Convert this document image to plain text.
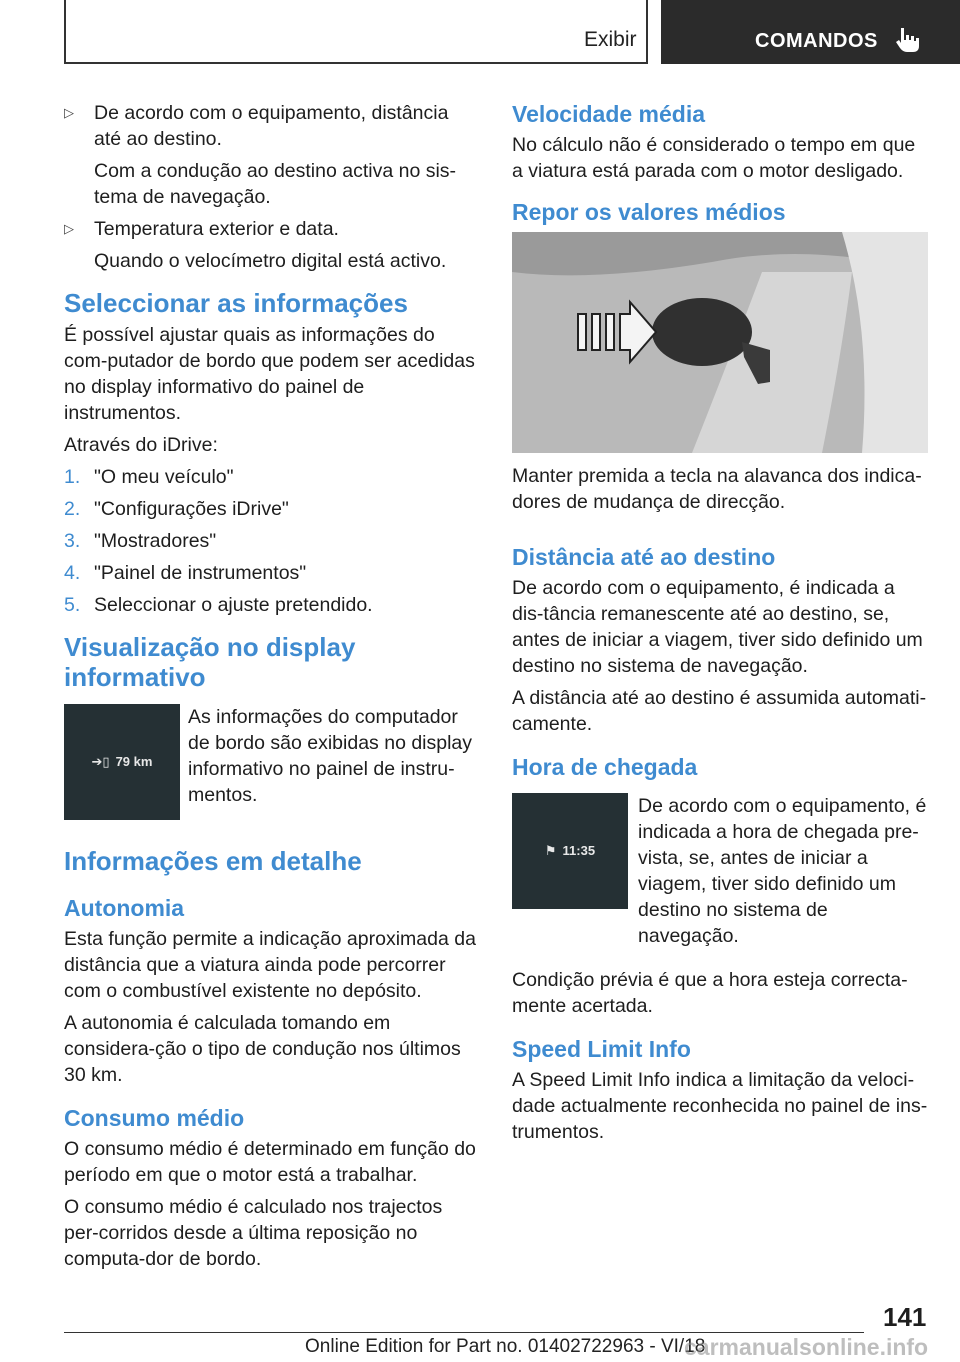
Exibir	COMANDOS
▷ De acordo com o equipamento, distância até ao destino.

Com a condução ao destino activa no sis-tema de navegação.

▷ Temperatura exterior e data.

Quando o velocímetro digital está activo.

Seleccionar as informações

É possível ajustar quais as informações do com-putador de bordo que podem ser acedidas no display informativo do painel de instrumentos.

Através do iDrive:

1. "O meu veículo"
2. "Configurações iDrive"
3. "Mostradores"
4. "Painel de instrumentos"
5. Seleccionar o ajuste pretendido.
Visualização no display informativo
➔▯ 79 km

As informações do computador de bordo são exibidas no display informativo no painel de instru-mentos.

Informações em detalhe
Autonomia

Esta função permite a indicação aproximada da distância que a viatura ainda pode percorrer com o combustível existente no depósito.

A autonomia é calculada tomando em considera-ção o tipo de condução nos últimos 30 km.

Consumo médio

O consumo médio é determinado em função do período em que o motor está a trabalhar.

O consumo médio é calculado nos trajectos per-corridos desde a última reposição no computa-dor de bordo.

Velocidade média

No cálculo não é considerado o tempo em que a viatura está parada com o motor desligado.

Repor os valores médios

Manter premida a tecla na alavanca dos indica-dores de mudança de direcção.

Distância até ao destino

De acordo com o equipamento, é indicada a dis-tância remanescente até ao destino, se, antes de iniciar a viagem, tiver sido definido um destino no sistema de navegação.

A distância até ao destino é assumida automati-camente.

Hora de chegada
⚑ 11:35

De acordo com o equipamento, é indicada a hora de chegada pre-vista, se, antes de iniciar a viagem, tiver sido definido um destino no sistema de navegação.

Condição prévia é que a hora esteja correcta-mente acertada.

Speed Limit Info

A Speed Limit Info indica a limitação da veloci-dade actualmente reconhecida no painel de ins-trumentos.

141
Online Edition for Part no. 01402722963 - VI/18
carmanualsonline.info
